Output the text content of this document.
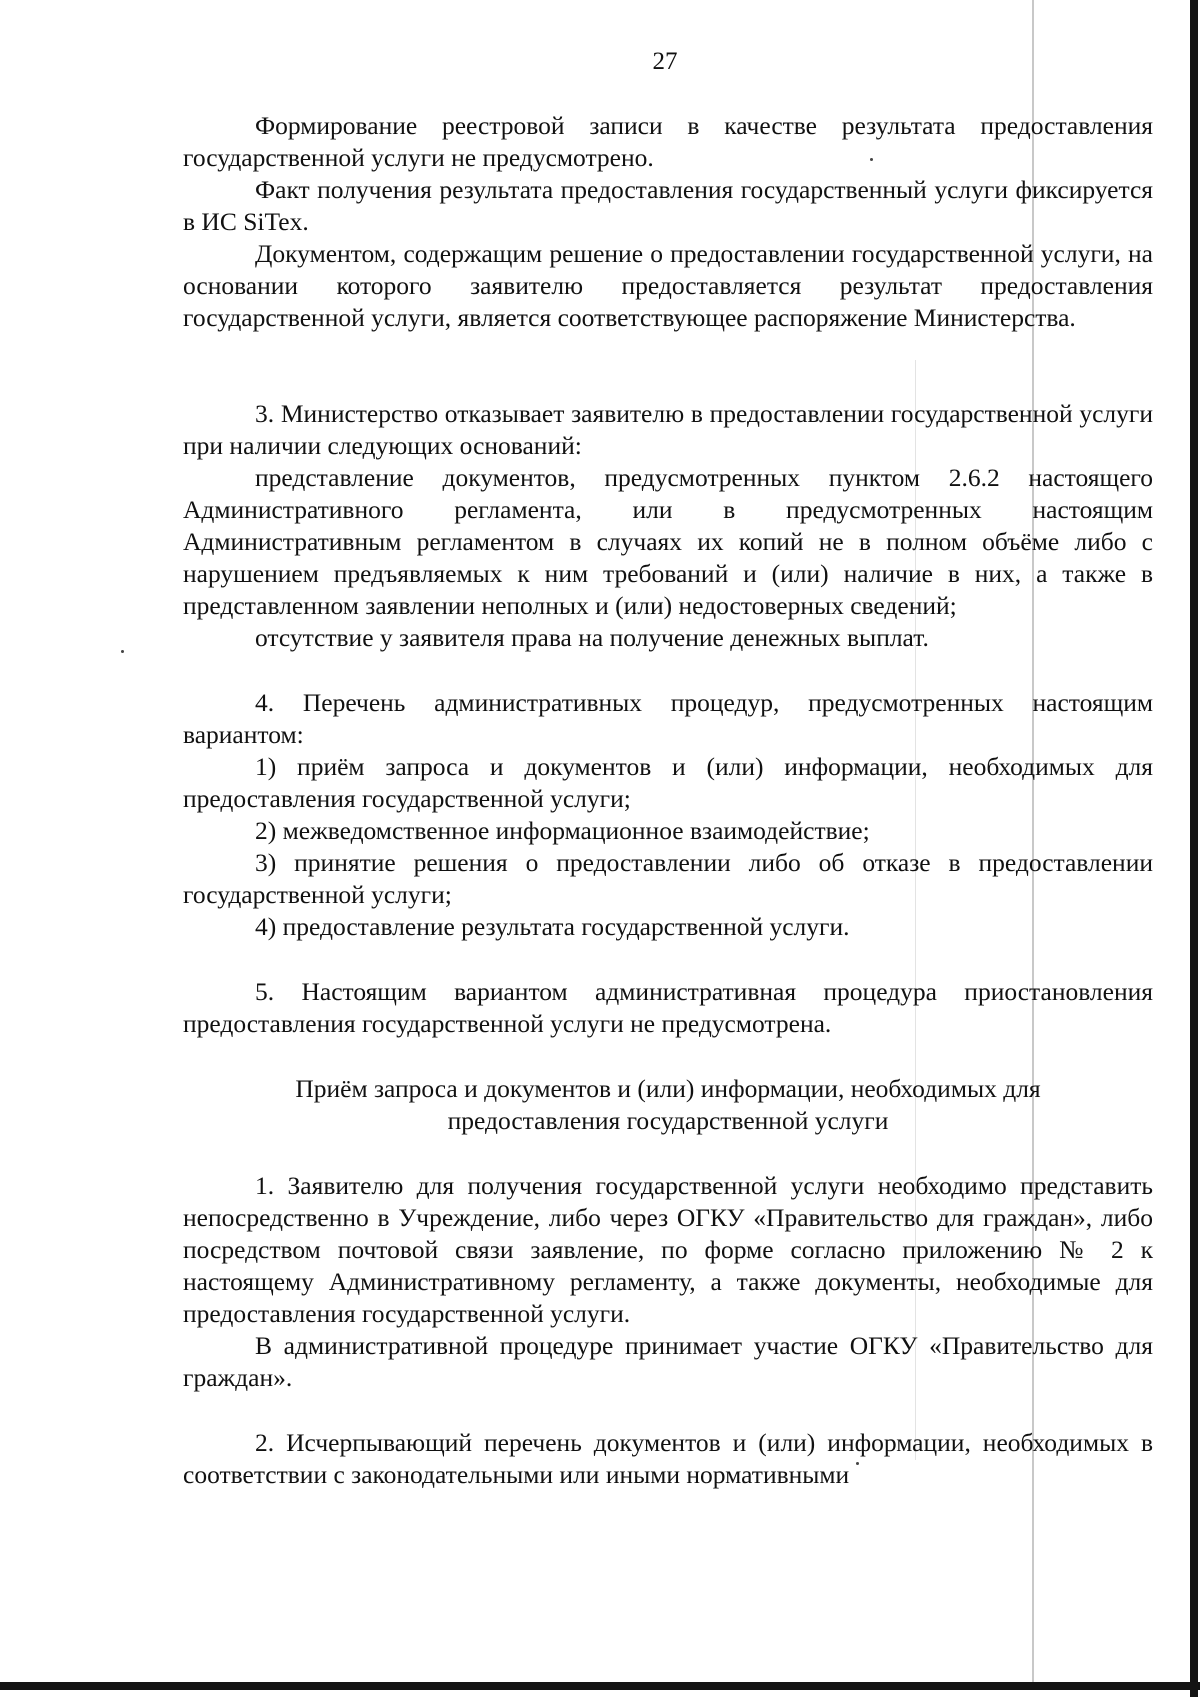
27

Формирование реестровой записи в качестве результата предоставления государственной услуги не предусмотрено.

Факт получения результата предоставления государственный услуги фиксируется в ИС SiTex.

Документом, содержащим решение о предоставлении государственной услуги, на основании которого заявителю предоставляется результат предоставления государственной услуги, является соответствующее распоряжение Министерства.

3. Министерство отказывает заявителю в предоставлении государственной услуги при наличии следующих оснований:

представление документов, предусмотренных пунктом 2.6.2 настоящего Административного регламента, или в предусмотренных настоящим Административным регламентом в случаях их копий не в полном объёме либо с нарушением предъявляемых к ним требований и (или) наличие в них, а также в представленном заявлении неполных и (или) недостоверных сведений;

отсутствие у заявителя права на получение денежных выплат.

4. Перечень административных процедур, предусмотренных настоящим вариантом:

1) приём запроса и документов и (или) информации, необходимых для предоставления государственной услуги;

2) межведомственное информационное взаимодействие;

3) принятие решения о предоставлении либо об отказе в предоставлении государственной услуги;

4) предоставление результата государственной услуги.

5. Настоящим вариантом административная процедура приостановления предоставления государственной услуги не предусмотрена.

Приём запроса и документов и (или) информации, необходимых для
предоставления государственной услуги

1. Заявителю для получения государственной услуги необходимо представить непосредственно в Учреждение, либо через ОГКУ «Правительство для граждан», либо посредством почтовой связи заявление, по форме согласно приложению № 2 к настоящему Административному регламенту, а также документы, необходимые для предоставления государственной услуги.

В административной процедуре принимает участие ОГКУ «Правительство для граждан».

2. Исчерпывающий перечень документов и (или) информации, необходимых в соответствии с законодательными или иными нормативными
